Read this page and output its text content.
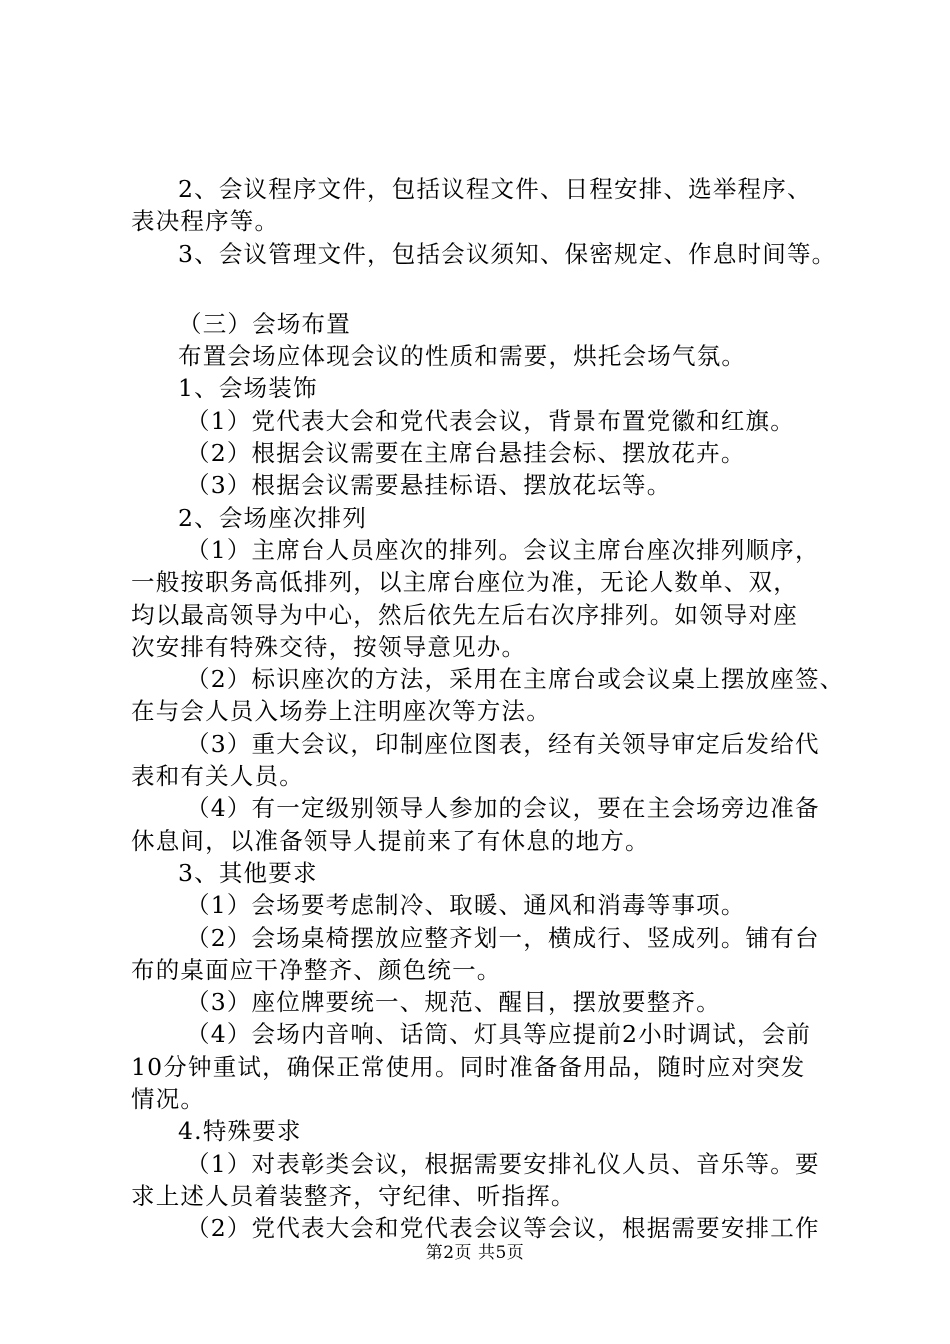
2、会议程序文件，包括议程文件、日程安排、选举程序、

表决程序等。

3、会议管理文件，包括会议须知、保密规定、作息时间等。

（三）会场布置

布置会场应体现会议的性质和需要，烘托会场气氛。

1、会场装饰

（1）党代表大会和党代表会议，背景布置党徽和红旗。

（2）根据会议需要在主席台悬挂会标、摆放花卉。

（3）根据会议需要悬挂标语、摆放花坛等。

2、会场座次排列

（1）主席台人员座次的排列。会议主席台座次排列顺序，

一般按职务高低排列，以主席台座位为准，无论人数单、双，

均以最高领导为中心，然后依先左后右次序排列。如领导对座

次安排有特殊交待，按领导意见办。

（2）标识座次的方法，采用在主席台或会议桌上摆放座签、

在与会人员入场券上注明座次等方法。

（3）重大会议，印制座位图表，经有关领导审定后发给代

表和有关人员。

（4）有一定级别领导人参加的会议，要在主会场旁边准备

休息间，以准备领导人提前来了有休息的地方。

3、其他要求

（1）会场要考虑制冷、取暖、通风和消毒等事项。

（2）会场桌椅摆放应整齐划一，横成行、竖成列。铺有台

布的桌面应干净整齐、颜色统一。

（3）座位牌要统一、规范、醒目，摆放要整齐。

（4）会场内音响、话筒、灯具等应提前2小时调试，会前

10分钟重试，确保正常使用。同时准备备用品，随时应对突发

情况。

4.特殊要求

（1）对表彰类会议，根据需要安排礼仪人员、音乐等。要

求上述人员着装整齐，守纪律、听指挥。

（2）党代表大会和党代表会议等会议，根据需要安排工作

第2页 共5页
